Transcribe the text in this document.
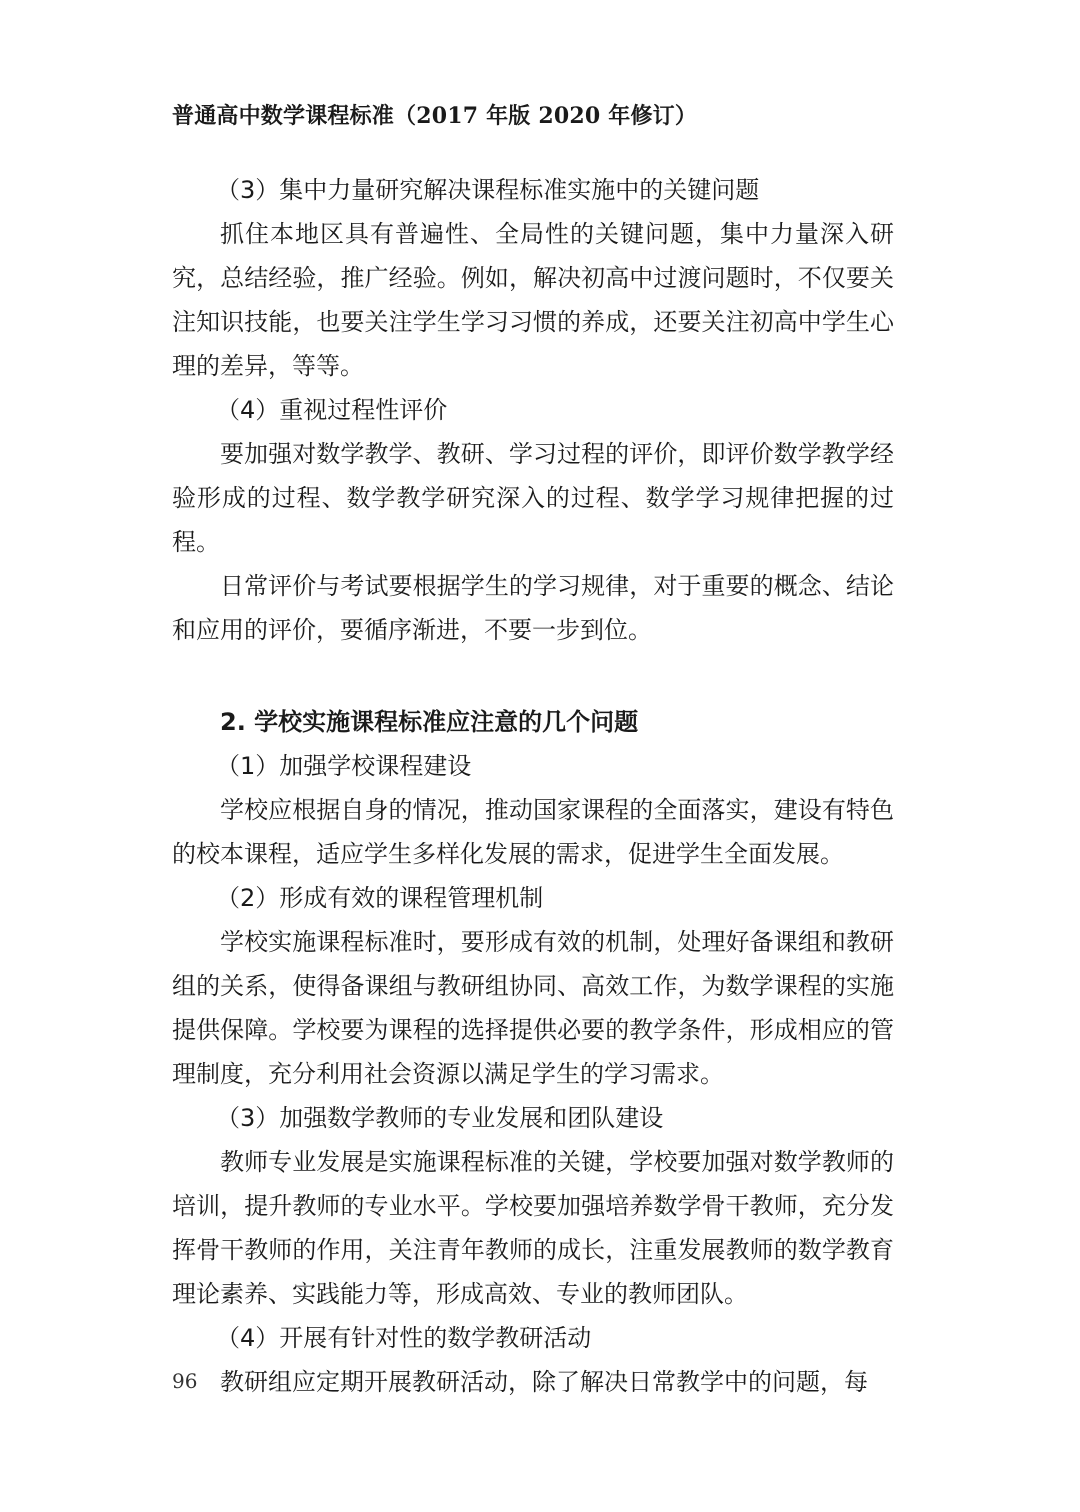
普通高中数学课程标准（2017 年版 2020 年修订）

（3）集中力量研究解决课程标准实施中的关键问题

抓住本地区具有普遍性、全局性的关键问题，集中力量深入研究，总结经验，推广经验。例如，解决初高中过渡问题时，不仅要关注知识技能，也要关注学生学习习惯的养成，还要关注初高中学生心理的差异，等等。

（4）重视过程性评价

要加强对数学教学、教研、学习过程的评价，即评价数学教学经验形成的过程、数学教学研究深入的过程、数学学习规律把握的过程。

日常评价与考试要根据学生的学习规律，对于重要的概念、结论和应用的评价，要循序渐进，不要一步到位。

2. 学校实施课程标准应注意的几个问题

（1）加强学校课程建设

学校应根据自身的情况，推动国家课程的全面落实，建设有特色的校本课程，适应学生多样化发展的需求，促进学生全面发展。

（2）形成有效的课程管理机制

学校实施课程标准时，要形成有效的机制，处理好备课组和教研组的关系，使得备课组与教研组协同、高效工作，为数学课程的实施提供保障。学校要为课程的选择提供必要的教学条件，形成相应的管理制度，充分利用社会资源以满足学生的学习需求。

（3）加强数学教师的专业发展和团队建设

教师专业发展是实施课程标准的关键，学校要加强对数学教师的培训，提升教师的专业水平。学校要加强培养数学骨干教师，充分发挥骨干教师的作用，关注青年教师的成长，注重发展教师的数学教育理论素养、实践能力等，形成高效、专业的教师团队。

（4）开展有针对性的数学教研活动

教研组应定期开展教研活动，除了解决日常教学中的问题，每

96
